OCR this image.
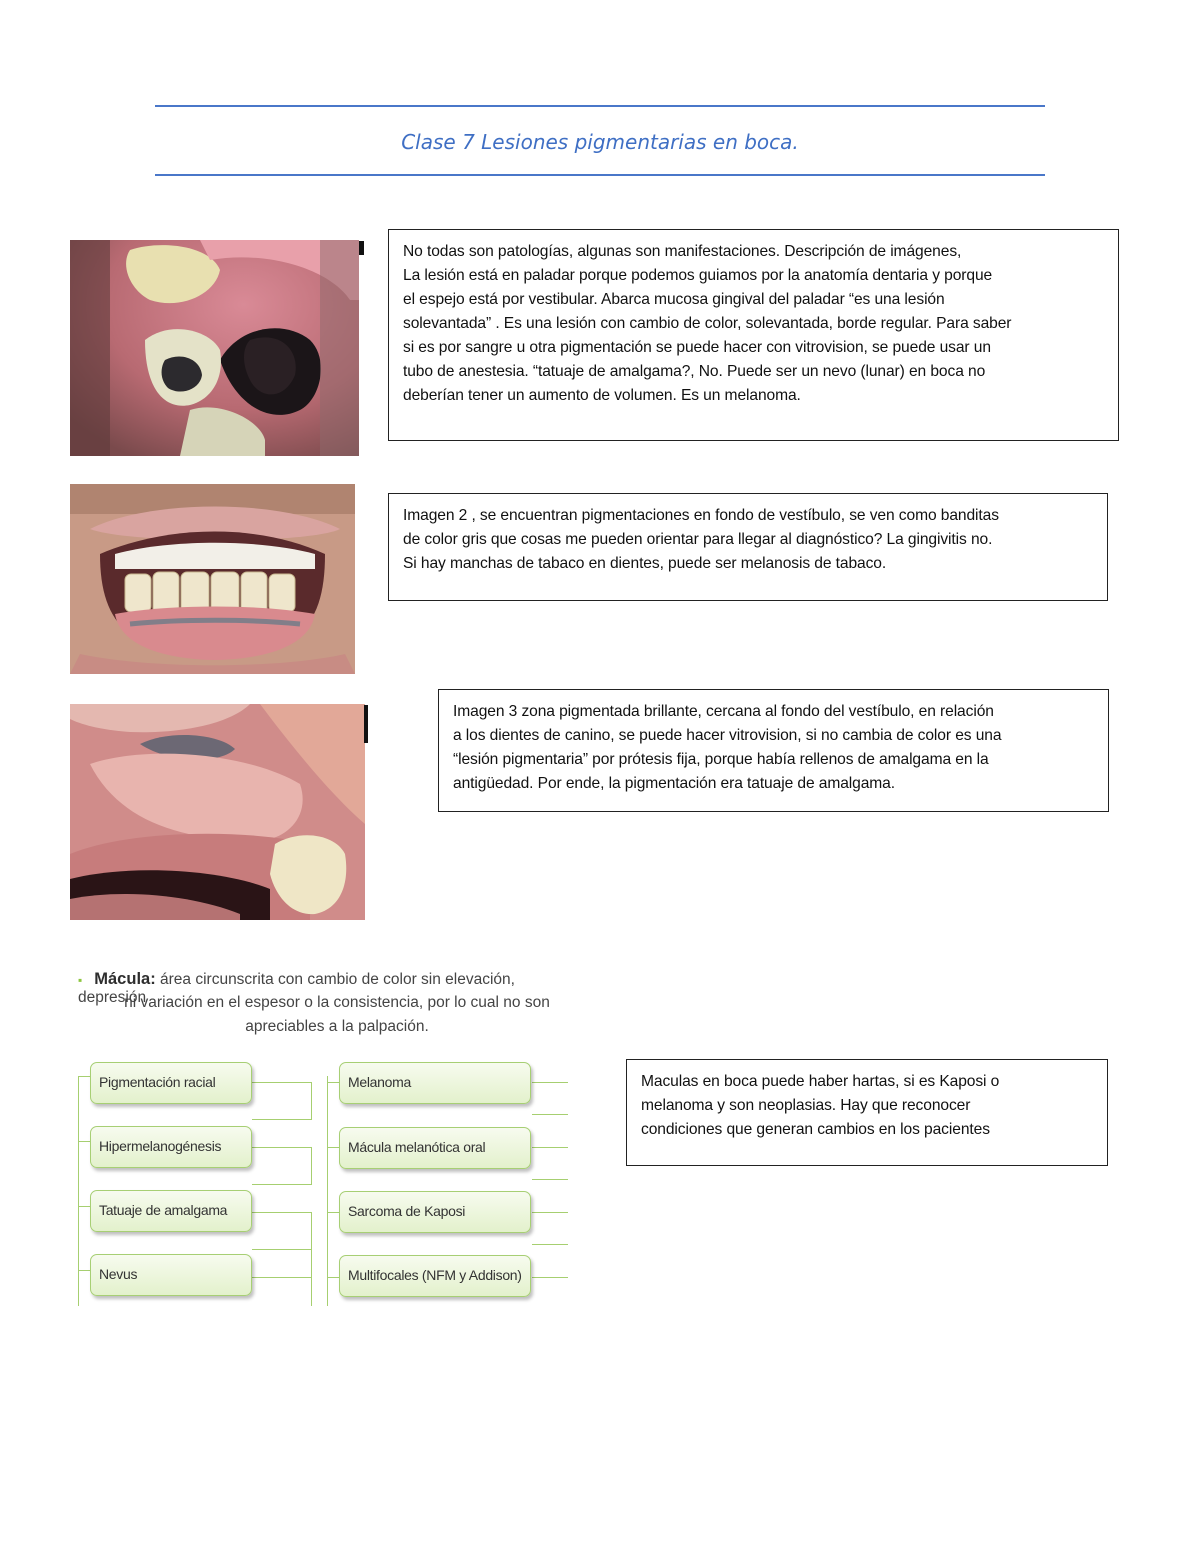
Clase 7 Lesiones pigmentarias en boca.

No todas son patologías, algunas son manifestaciones. Descripción de imágenes,

La lesión está en paladar porque podemos guiamos por la anatomía dentaria y porque

el espejo está por vestibular. Abarca mucosa gingival del paladar “es una lesión

solevantada” . Es una lesión con cambio de color, solevantada, borde regular. Para saber

si es por sangre u otra pigmentación se puede hacer con vitrovision, se puede usar un

tubo de anestesia. “tatuaje de amalgama?, No. Puede ser un nevo (lunar) en boca no

deberían tener un aumento de volumen. Es un melanoma.

Imagen 2 , se encuentran pigmentaciones en fondo de vestíbulo, se ven como banditas

de color gris que cosas me pueden orientar para llegar al diagnóstico? La gingivitis no.

Si hay manchas de tabaco en dientes, puede ser melanosis de tabaco.

Imagen 3 zona pigmentada brillante, cercana al fondo del vestíbulo, en relación

a los dientes de canino, se puede hacer vitrovision, si no cambia de color es una

“lesión pigmentaria” por prótesis fija, porque había rellenos de amalgama en la

antigüedad. Por ende, la pigmentación era tatuaje de amalgama.

▪ Mácula: área circunscrita con cambio de color sin elevación, depresión
ni variación en el espesor o la consistencia, por lo cual no son
apreciables a la palpación.
Pigmentación racial
Hipermelanogénesis
Tatuaje de amalgama
Nevus
Melanoma
Mácula melanótica oral
Sarcoma de Kaposi
Multifocales (NFM y Addison)

Maculas en boca puede haber hartas, si es Kaposi o

melanoma y son neoplasias. Hay que reconocer

condiciones que generan cambios en los pacientes
